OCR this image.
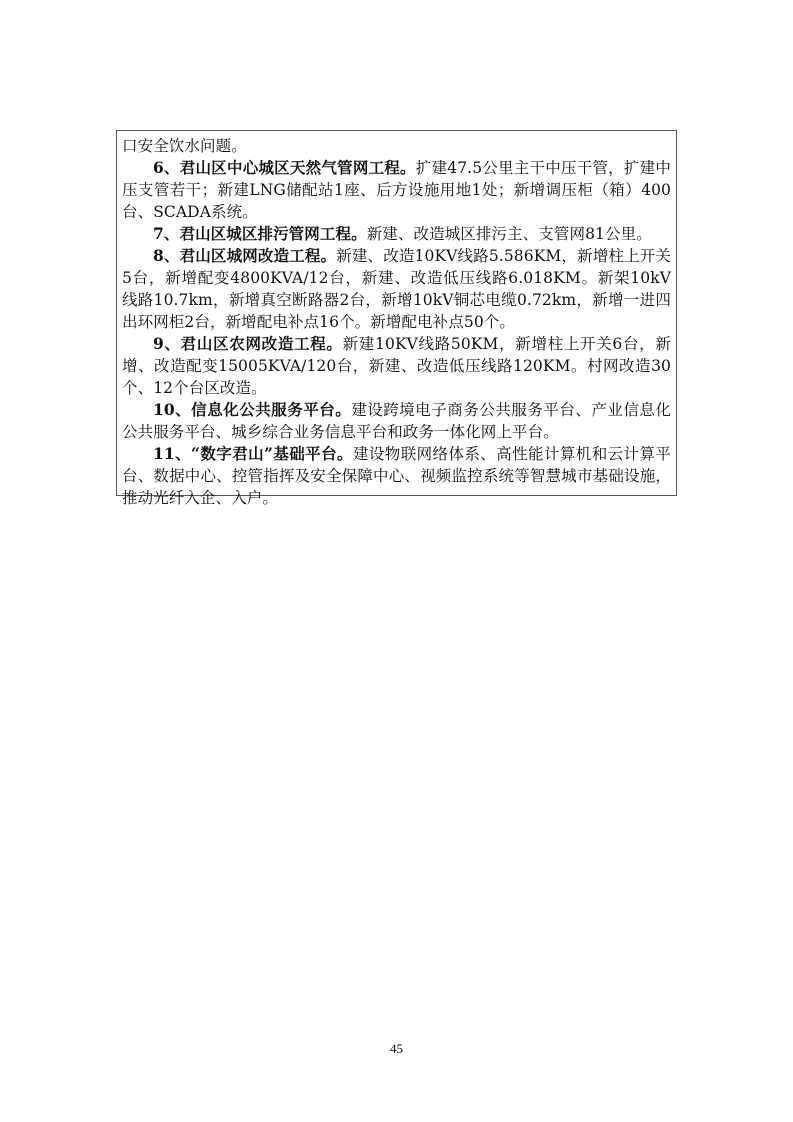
口安全饮水问题。

6、君山区中心城区天然气管网工程。扩建47.5公里主干中压干管，扩建中压支管若干；新建LNG储配站1座、后方设施用地1处；新增调压柜（箱）400台、SCADA系统。

7、君山区城区排污管网工程。新建、改造城区排污主、支管网81公里。

8、君山区城网改造工程。新建、改造10KV线路5.586KM，新增柱上开关5台，新增配变4800KVA/12台，新建、改造低压线路6.018KM。新架10kV线路10.7km，新增真空断路器2台，新增10kV铜芯电缆0.72km，新增一进四出环网柜2台，新增配电补点16个。新增配电补点50个。

9、君山区农网改造工程。新建10KV线路50KM，新增柱上开关6台，新增、改造配变15005KVA/120台，新建、改造低压线路120KM。村网改造30个、12个台区改造。

10、信息化公共服务平台。建设跨境电子商务公共服务平台、产业信息化公共服务平台、城乡综合业务信息平台和政务一体化网上平台。

11、“数字君山”基础平台。建设物联网络体系、高性能计算机和云计算平台、数据中心、控管指挥及安全保障中心、视频监控系统等智慧城市基础设施，推动光纤入企、入户。

45
